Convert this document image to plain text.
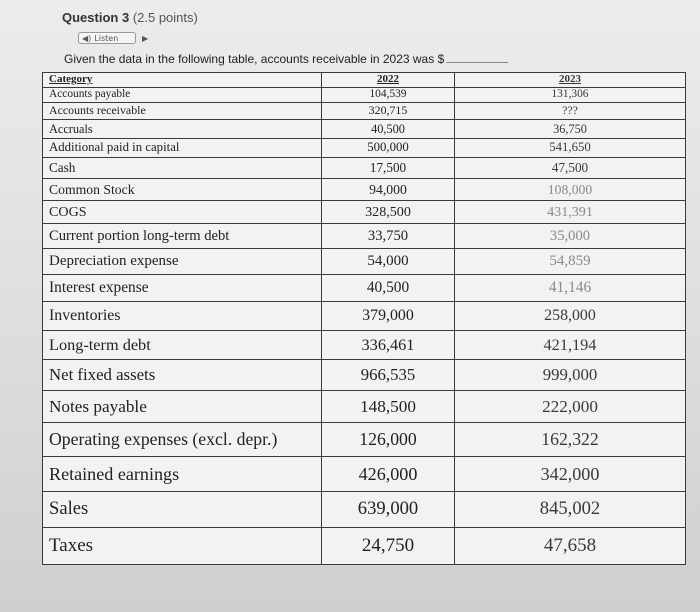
Question 3 (2.5 points)
◀) Listen	▶
Given the data in the following table, accounts receivable in 2023 was $
Category	2022	2023
Accounts payable	104,539	131,306
Accounts receivable	320,715	???
Accruals	40,500	36,750
Additional paid in capital	500,000	541,650
Cash	17,500	47,500
Common Stock	94,000	108,000
COGS	328,500	431,391
Current portion long-term debt	33,750	35,000
Depreciation expense	54,000	54,859
Interest expense	40,500	41,146
Inventories	379,000	258,000
Long-term debt	336,461	421,194
Net fixed assets	966,535	999,000
Notes payable	148,500	222,000
Operating expenses (excl. depr.)	126,000	162,322
Retained earnings	426,000	342,000
Sales	639,000	845,002
Taxes	24,750	47,658
